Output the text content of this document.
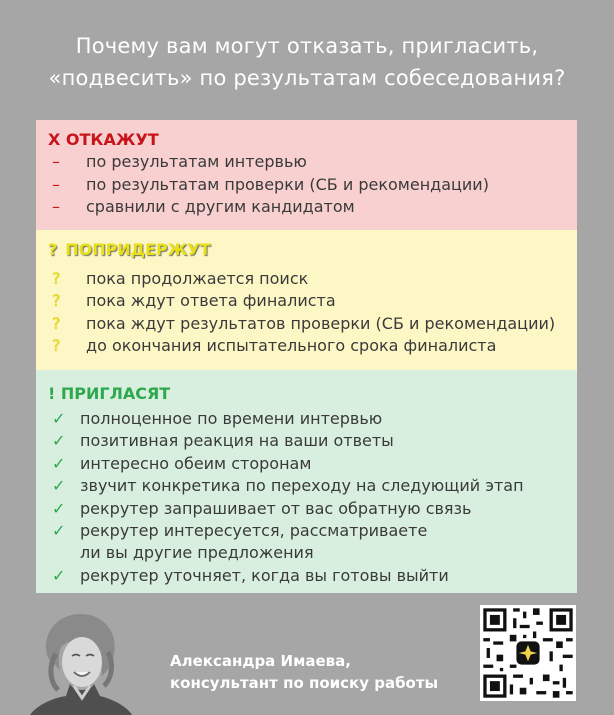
Почему вам могут отказать, пригласить,
«подвесить» по результатам собеседования?
Х ОТКАЖУТ
– по результатам интервью
– по результатам проверки (СБ и рекомендации)
– сравнили с другим кандидатом
? ПОПРИДЕРЖУТ
? пока продолжается поиск
? пока ждут ответа финалиста
? пока ждут результатов проверки (СБ и рекомендации)
? до окончания испытательного срока финалиста
! ПРИГЛАСЯТ
✓ полноценное по времени интервью
✓ позитивная реакция на ваши ответы
✓ интересно обеим сторонам
✓ звучит конкретика по переходу на следующий этап
✓ рекрутер запрашивает от вас обратную связь
✓ рекрутер интересуется, рассматриваете
ли вы другие предложения
✓ рекрутер уточняет, когда вы готовы выйти
Александра Имаева,
консультант по поиску работы
